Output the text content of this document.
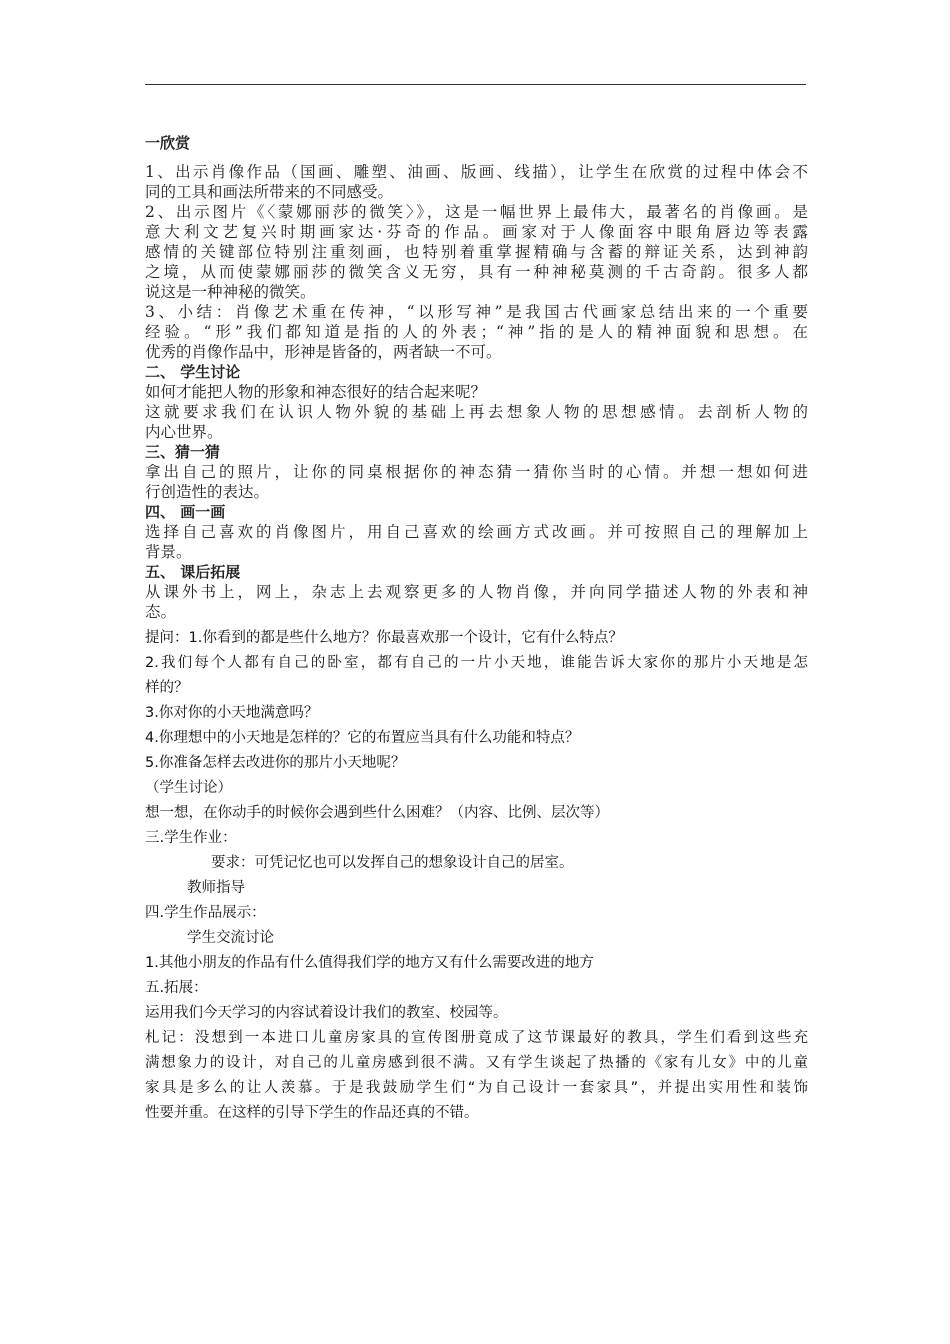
一欣赏
1、出示肖像作品（国画、雕塑、油画、版画、线描），让学生在欣赏的过程中体会不
同的工具和画法所带来的不同感受。
2、出示图片《〈蒙娜丽莎的微笑〉》，这是一幅世界上最伟大，最著名的肖像画。是
意大利文艺复兴时期画家达·芬奇的作品。画家对于人像面容中眼角唇边等表露
感情的关键部位特别注重刻画，也特别着重掌握精确与含蓄的辩证关系，达到神韵
之境，从而使蒙娜丽莎的微笑含义无穷，具有一种神秘莫测的千古奇韵。很多人都
说这是一种神秘的微笑。
3、小结：肖像艺术重在传神，“以形写神”是我国古代画家总结出来的一个重要
经验。“形”我们都知道是指的人的外表；“神”指的是人的精神面貌和思想。在
优秀的肖像作品中，形神是皆备的，两者缺一不可。
二、 学生讨论
如何才能把人物的形象和神态很好的结合起来呢？
这就要求我们在认识人物外貌的基础上再去想象人物的思想感情。去剖析人物的
内心世界。
三、猜一猜
拿出自己的照片，让你的同桌根据你的神态猜一猜你当时的心情。并想一想如何进
行创造性的表达。
四、 画一画
选择自己喜欢的肖像图片，用自己喜欢的绘画方式改画。并可按照自己的理解加上
背景。
五、 课后拓展
从课外书上，网上，杂志上去观察更多的人物肖像，并向同学描述人物的外表和神
态。
提问：1.你看到的都是些什么地方？你最喜欢那一个设计，它有什么特点？
2.我们每个人都有自己的卧室，都有自己的一片小天地，谁能告诉大家你的那片小天地是怎
样的？
3.你对你的小天地满意吗？
4.你理想中的小天地是怎样的？它的布置应当具有什么功能和特点？
5.你准备怎样去改进你的那片小天地呢？
（学生讨论）
想一想，在你动手的时候你会遇到些什么困难？（内容、比例、层次等）
三.学生作业：
要求：可凭记忆也可以发挥自己的想象设计自己的居室。
教师指导
四.学生作品展示：
学生交流讨论
1.其他小朋友的作品有什么值得我们学的地方又有什么需要改进的地方
五.拓展：
运用我们今天学习的内容试着设计我们的教室、校园等。
札记：没想到一本进口儿童房家具的宣传图册竟成了这节课最好的教具，学生们看到这些充
满想象力的设计，对自己的儿童房感到很不满。又有学生谈起了热播的《家有儿女》中的儿童
家具是多么的让人羡慕。于是我鼓励学生们“为自己设计一套家具”，并提出实用性和装饰
性要并重。在这样的引导下学生的作品还真的不错。
